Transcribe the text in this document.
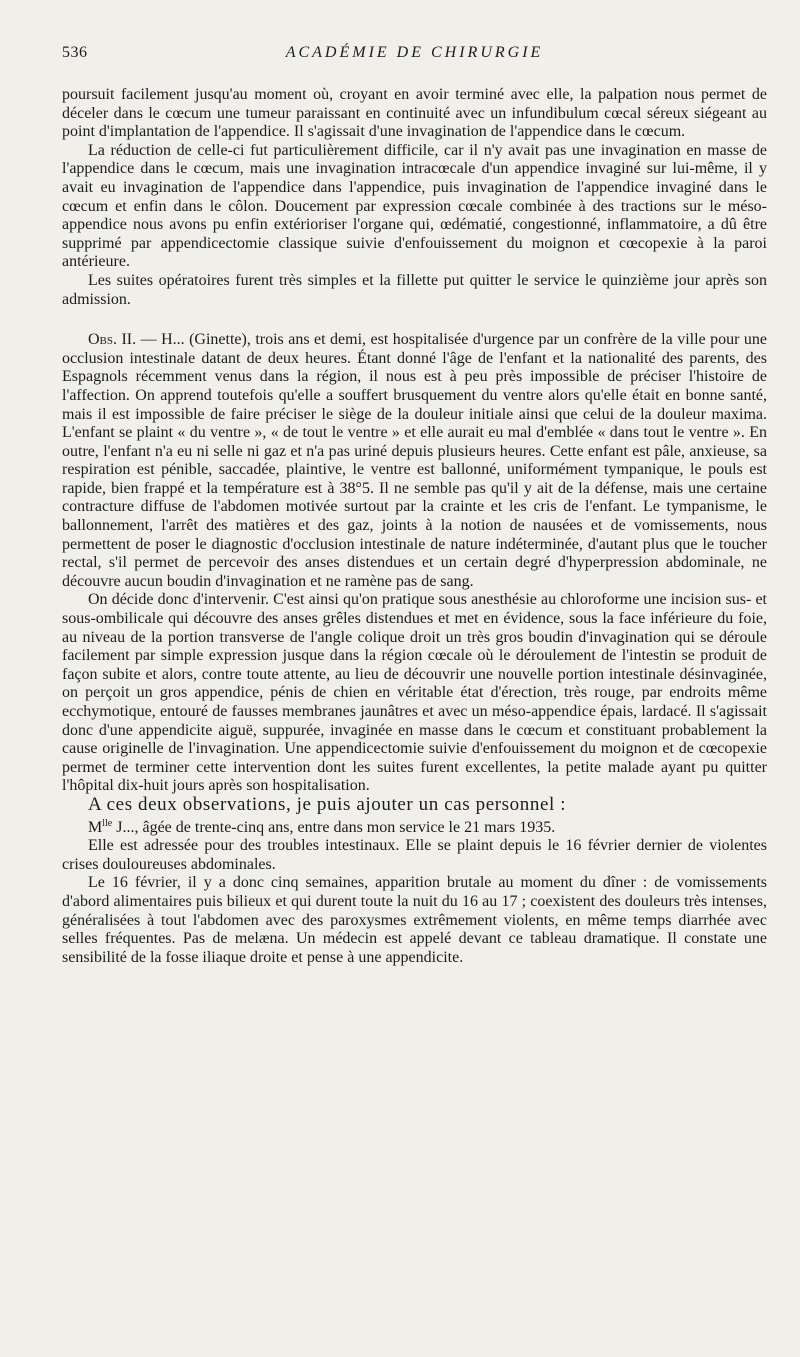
536	ACADÉMIE DE CHIRURGIE

poursuit facilement jusqu'au moment où, croyant en avoir terminé avec elle, la palpation nous permet de déceler dans le cœcum une tumeur paraissant en continuité avec un infundibulum cœcal séreux siégeant au point d'implantation de l'appendice. Il s'agissait d'une invagination de l'appendice dans le cœcum.

La réduction de celle-ci fut particulièrement difficile, car il n'y avait pas une invagination en masse de l'appendice dans le cœcum, mais une invagination intracœcale d'un appendice invaginé sur lui-même, il y avait eu invagination de l'appendice dans l'appendice, puis invagination de l'appendice invaginé dans le cœcum et enfin dans le côlon. Doucement par expression cœcale combinée à des tractions sur le méso-appendice nous avons pu enfin extérioriser l'organe qui, œdématié, congestionné, inflammatoire, a dû être supprimé par appendicectomie classique suivie d'enfouissement du moignon et cœcopexie à la paroi antérieure.

Les suites opératoires furent très simples et la fillette put quitter le service le quinzième jour après son admission.

Obs. II. — H... (Ginette), trois ans et demi, est hospitalisée d'urgence par un confrère de la ville pour une occlusion intestinale datant de deux heures. Étant donné l'âge de l'enfant et la nationalité des parents, des Espagnols récemment venus dans la région, il nous est à peu près impossible de préciser l'histoire de l'affection. On apprend toutefois qu'elle a souffert brusquement du ventre alors qu'elle était en bonne santé, mais il est impossible de faire préciser le siège de la douleur initiale ainsi que celui de la douleur maxima. L'enfant se plaint « du ventre », « de tout le ventre » et elle aurait eu mal d'emblée « dans tout le ventre ». En outre, l'enfant n'a eu ni selle ni gaz et n'a pas uriné depuis plusieurs heures. Cette enfant est pâle, anxieuse, sa respiration est pénible, saccadée, plaintive, le ventre est ballonné, uniformément tympanique, le pouls est rapide, bien frappé et la température est à 38°5. Il ne semble pas qu'il y ait de la défense, mais une certaine contracture diffuse de l'abdomen motivée surtout par la crainte et les cris de l'enfant. Le tympanisme, le ballonnement, l'arrêt des matières et des gaz, joints à la notion de nausées et de vomissements, nous permettent de poser le diagnostic d'occlusion intestinale de nature indéterminée, d'autant plus que le toucher rectal, s'il permet de percevoir des anses distendues et un certain degré d'hyperpression abdominale, ne découvre aucun boudin d'invagination et ne ramène pas de sang.

On décide donc d'intervenir. C'est ainsi qu'on pratique sous anesthésie au chloroforme une incision sus- et sous-ombilicale qui découvre des anses grêles distendues et met en évidence, sous la face inférieure du foie, au niveau de la portion transverse de l'angle colique droit un très gros boudin d'invagination qui se déroule facilement par simple expression jusque dans la région cœcale où le déroulement de l'intestin se produit de façon subite et alors, contre toute attente, au lieu de découvrir une nouvelle portion intestinale désinvaginée, on perçoit un gros appendice, pénis de chien en véritable état d'érection, très rouge, par endroits même ecchymotique, entouré de fausses membranes jaunâtres et avec un méso-appendice épais, lardacé. Il s'agissait donc d'une appendicite aiguë, suppurée, invaginée en masse dans le cœcum et constituant probablement la cause originelle de l'invagination. Une appendicectomie suivie d'enfouissement du moignon et de cœcopexie permet de terminer cette intervention dont les suites furent excellentes, la petite malade ayant pu quitter l'hôpital dix-huit jours après son hospitalisation.

A ces deux observations, je puis ajouter un cas personnel :

$M^{lle}$ J..., âgée de trente-cinq ans, entre dans mon service le 21 mars 1935.

Elle est adressée pour des troubles intestinaux. Elle se plaint depuis le 16 février dernier de violentes crises douloureuses abdominales.

Le 16 février, il y a donc cinq semaines, apparition brutale au moment du dîner : de vomissements d'abord alimentaires puis bilieux et qui durent toute la nuit du 16 au 17 ; coexistent des douleurs très intenses, généralisées à tout l'abdomen avec des paroxysmes extrêmement violents, en même temps diarrhée avec selles fréquentes. Pas de melæna. Un médecin est appelé devant ce tableau dramatique. Il constate une sensibilité de la fosse iliaque droite et pense à une appendicite.
